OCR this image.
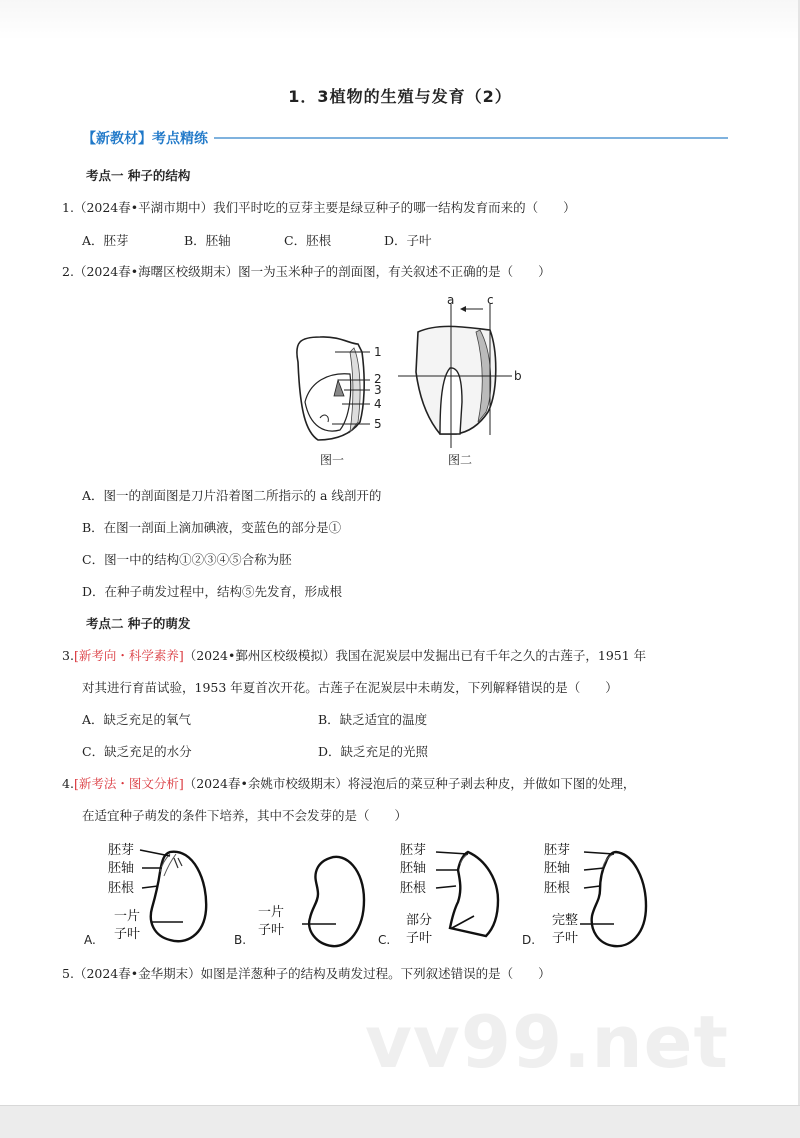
1．3植物的生殖与发育（2）
【新教材】考点精练
考点一 种子的结构
1.（2024春•平湖市期中）我们平时吃的豆芽主要是绿豆种子的哪一结构发育而来的（　　）
A．胚芽	B．胚轴	C．胚根	D．子叶
2.（2024春•海曙区校级期末）图一为玉米种子的剖面图，有关叙述不正确的是（　　）
1
2
3
4
5
图一
a
b
c
图二
A．图一的剖面图是刀片沿着图二所指示的 a 线剖开的
B．在图一剖面上滴加碘液，变蓝色的部分是①
C．图一中的结构①②③④⑤合称为胚
D．在种子萌发过程中，结构⑤先发育，形成根
考点二 种子的萌发
3.[新考向・科学素养]（2024•鄞州区校级模拟）我国在泥炭层中发掘出已有千年之久的古莲子，1951 年
对其进行育苗试验，1953 年夏首次开花。古莲子在泥炭层中未萌发，下列解释错误的是（　　）
A．缺乏充足的氧气	B．缺乏适宜的温度
C．缺乏充足的水分	D．缺乏充足的光照
4.[新考法・图文分析]（2024春•余姚市校级期末）将浸泡后的菜豆种子剥去种皮，并做如下图的处理，
在适宜种子萌发的条件下培养，其中不会发芽的是（　　）
胚芽
胚轴
胚根
一片
子叶
A.
一片
子叶
B.
胚芽
胚轴
胚根
部分
子叶
C.
胚芽
胚轴
胚根
完整
子叶
D.
5.（2024春•金华期末）如图是洋葱种子的结构及萌发过程。下列叙述错误的是（　　）
vv99.net
